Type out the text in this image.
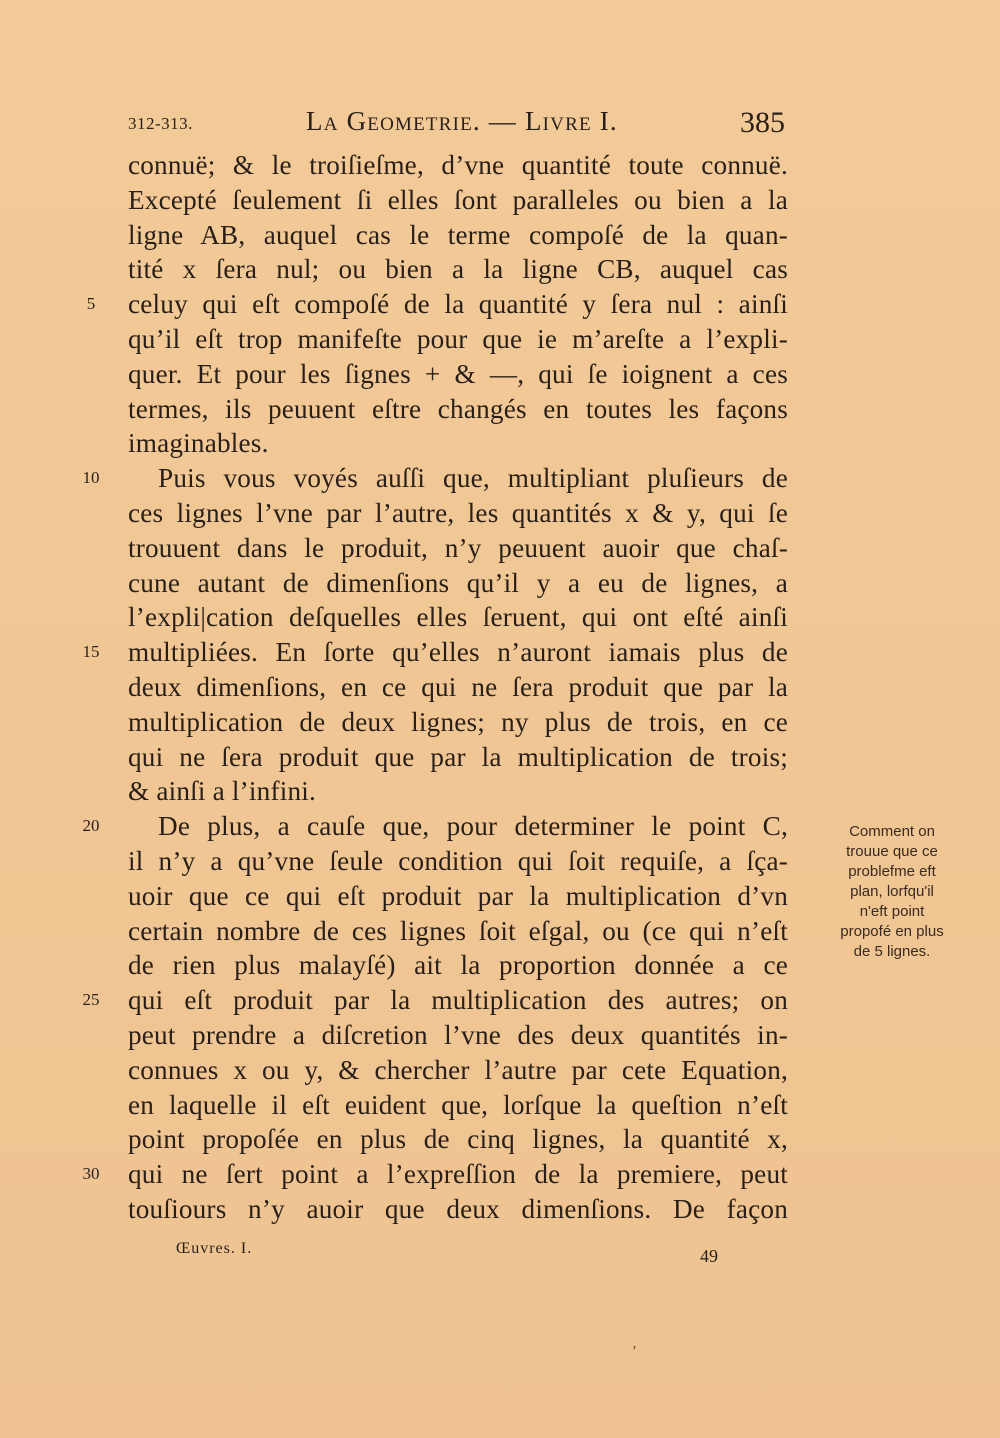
312-313.	La Geometrie. — Livre I.	385
5
10
15
20
25
30
connuë; & le troiſieſme, d’vne quantité toute connuë.
Excepté ſeulement ſi elles ſont paralleles ou bien a la
ligne AB, auquel cas le terme compoſé de la quan-
tité x ſera nul; ou bien a la ligne CB, auquel cas
celuy qui eſt compoſé de la quantité y ſera nul : ainſi
qu’il eſt trop manifeſte pour que ie m’areſte a l’expli-
quer. Et pour les ſignes + & —, qui ſe ioignent a ces
termes, ils peuuent eſtre changés en toutes les façons
imaginables.
Puis vous voyés auſſi que, multipliant pluſieurs de
ces lignes l’vne par l’autre, les quantités x & y, qui ſe
trouuent dans le produit, n’y peuuent auoir que chaſ-
cune autant de dimenſions qu’il y a eu de lignes, a
l’expli|cation deſquelles elles ſeruent, qui ont eſté ainſi
multipliées. En ſorte qu’elles n’auront iamais plus de
deux dimenſions, en ce qui ne ſera produit que par la
multiplication de deux lignes; ny plus de trois, en ce
qui ne ſera produit que par la multiplication de trois;
& ainſi a l’infini.
De plus, a cauſe que, pour determiner le point C,
il n’y a qu’vne ſeule condition qui ſoit requiſe, a ſça-
uoir que ce qui eſt produit par la multiplication d’vn
certain nombre de ces lignes ſoit eſgal, ou (ce qui n’eſt
de rien plus malayſé) ait la proportion donnée a ce
qui eſt produit par la multiplication des autres; on
peut prendre a diſcretion l’vne des deux quantités in-
connues x ou y, & chercher l’autre par cete Equation,
en laquelle il eſt euident que, lorſque la queſtion n’eſt
point propoſée en plus de cinq lignes, la quantité x,
qui ne ſert point a l’expreſſion de la premiere, peut
touſiours n’y auoir que deux dimenſions. De façon
Comment on
trouue que ce
problefme eft
plan, lorfqu'il
n'eft point
propofé en plus
de 5 lignes.
Œuvres. I.	49
ʼ
